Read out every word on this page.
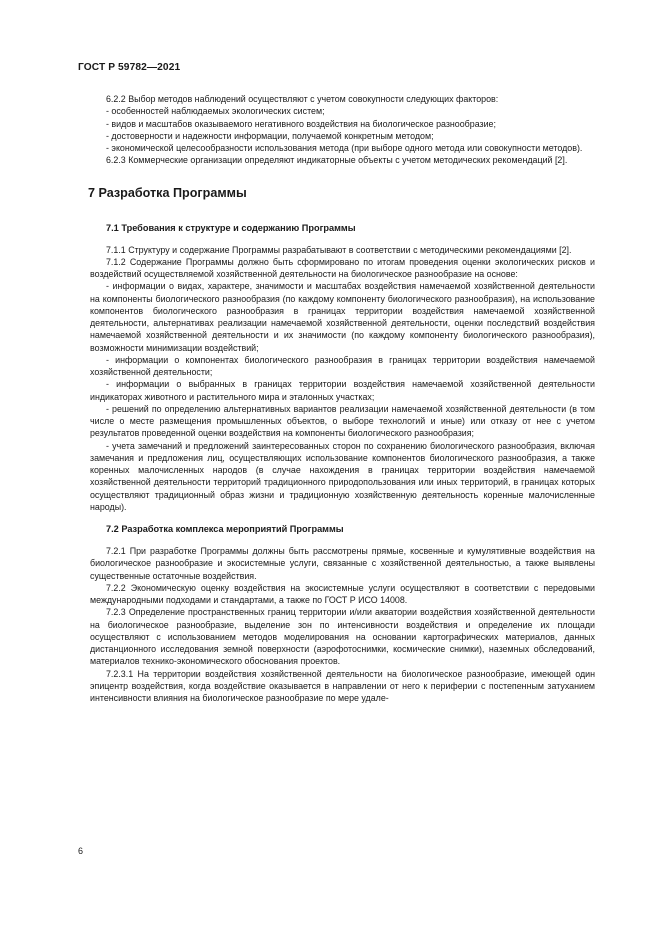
ГОСТ Р 59782—2021

6.2.2 Выбор методов наблюдений осуществляют с учетом совокупности следующих факторов:

- особенностей наблюдаемых экологических систем;

- видов и масштабов оказываемого негативного воздействия на биологическое разнообразие;

- достоверности и надежности информации, получаемой конкретным методом;

- экономической целесообразности использования метода (при выборе одного метода или совокупности методов).

6.2.3 Коммерческие организации определяют индикаторные объекты с учетом методических рекомендаций [2].

7 Разработка Программы
7.1 Требования к структуре и содержанию Программы

7.1.1 Структуру и содержание Программы разрабатывают в соответствии с методическими рекомендациями [2].

7.1.2 Содержание Программы должно быть сформировано по итогам проведения оценки экологических рисков и воздействий осуществляемой хозяйственной деятельности на биологическое разнообразие на основе:

- информации о видах, характере, значимости и масштабах воздействия намечаемой хозяйственной деятельности на компоненты биологического разнообразия (по каждому компоненту биологического разнообразия), на использование компонентов биологического разнообразия в границах территории воздействия намечаемой хозяйственной деятельности, альтернативах реализации намечаемой хозяйственной деятельности, оценки последствий воздействия намечаемой хозяйственной деятельности и их значимости (по каждому компоненту биологического разнообразия), возможности минимизации воздействий;

- информации о компонентах биологического разнообразия в границах территории воздействия намечаемой хозяйственной деятельности;

- информации о выбранных в границах территории воздействия намечаемой хозяйственной деятельности индикаторах животного и растительного мира и эталонных участках;

- решений по определению альтернативных вариантов реализации намечаемой хозяйственной деятельности (в том числе о месте размещения промышленных объектов, о выборе технологий и иные) или отказу от нее с учетом результатов проведенной оценки воздействия на компоненты биологического разнообразия;

- учета замечаний и предложений заинтересованных сторон по сохранению биологического разнообразия, включая замечания и предложения лиц, осуществляющих использование компонентов биологического разнообразия, а также коренных малочисленных народов (в случае нахождения в границах территории воздействия намечаемой хозяйственной деятельности территорий традиционного природопользования или иных территорий, в границах которых осуществляют традиционный образ жизни и традиционную хозяйственную деятельность коренные малочисленные народы).

7.2 Разработка комплекса мероприятий Программы

7.2.1 При разработке Программы должны быть рассмотрены прямые, косвенные и кумулятивные воздействия на биологическое разнообразие и экосистемные услуги, связанные с хозяйственной деятельностью, а также выявлены существенные остаточные воздействия.

7.2.2 Экономическую оценку воздействия на экосистемные услуги осуществляют в соответствии с передовыми международными подходами и стандартами, а также по ГОСТ Р ИСО 14008.

7.2.3 Определение пространственных границ территории и/или акватории воздействия хозяйственной деятельности на биологическое разнообразие, выделение зон по интенсивности воздействия и определение их площади осуществляют с использованием методов моделирования на основании картографических материалов, данных дистанционного исследования земной поверхности (аэрофотоснимки, космические снимки), наземных обследований, материалов технико-экономического обоснования проектов.

7.2.3.1 На территории воздействия хозяйственной деятельности на биологическое разнообразие, имеющей один эпицентр воздействия, когда воздействие оказывается в направлении от него к периферии с постепенным затуханием интенсивности влияния на биологическое разнообразие по мере удале-

6
